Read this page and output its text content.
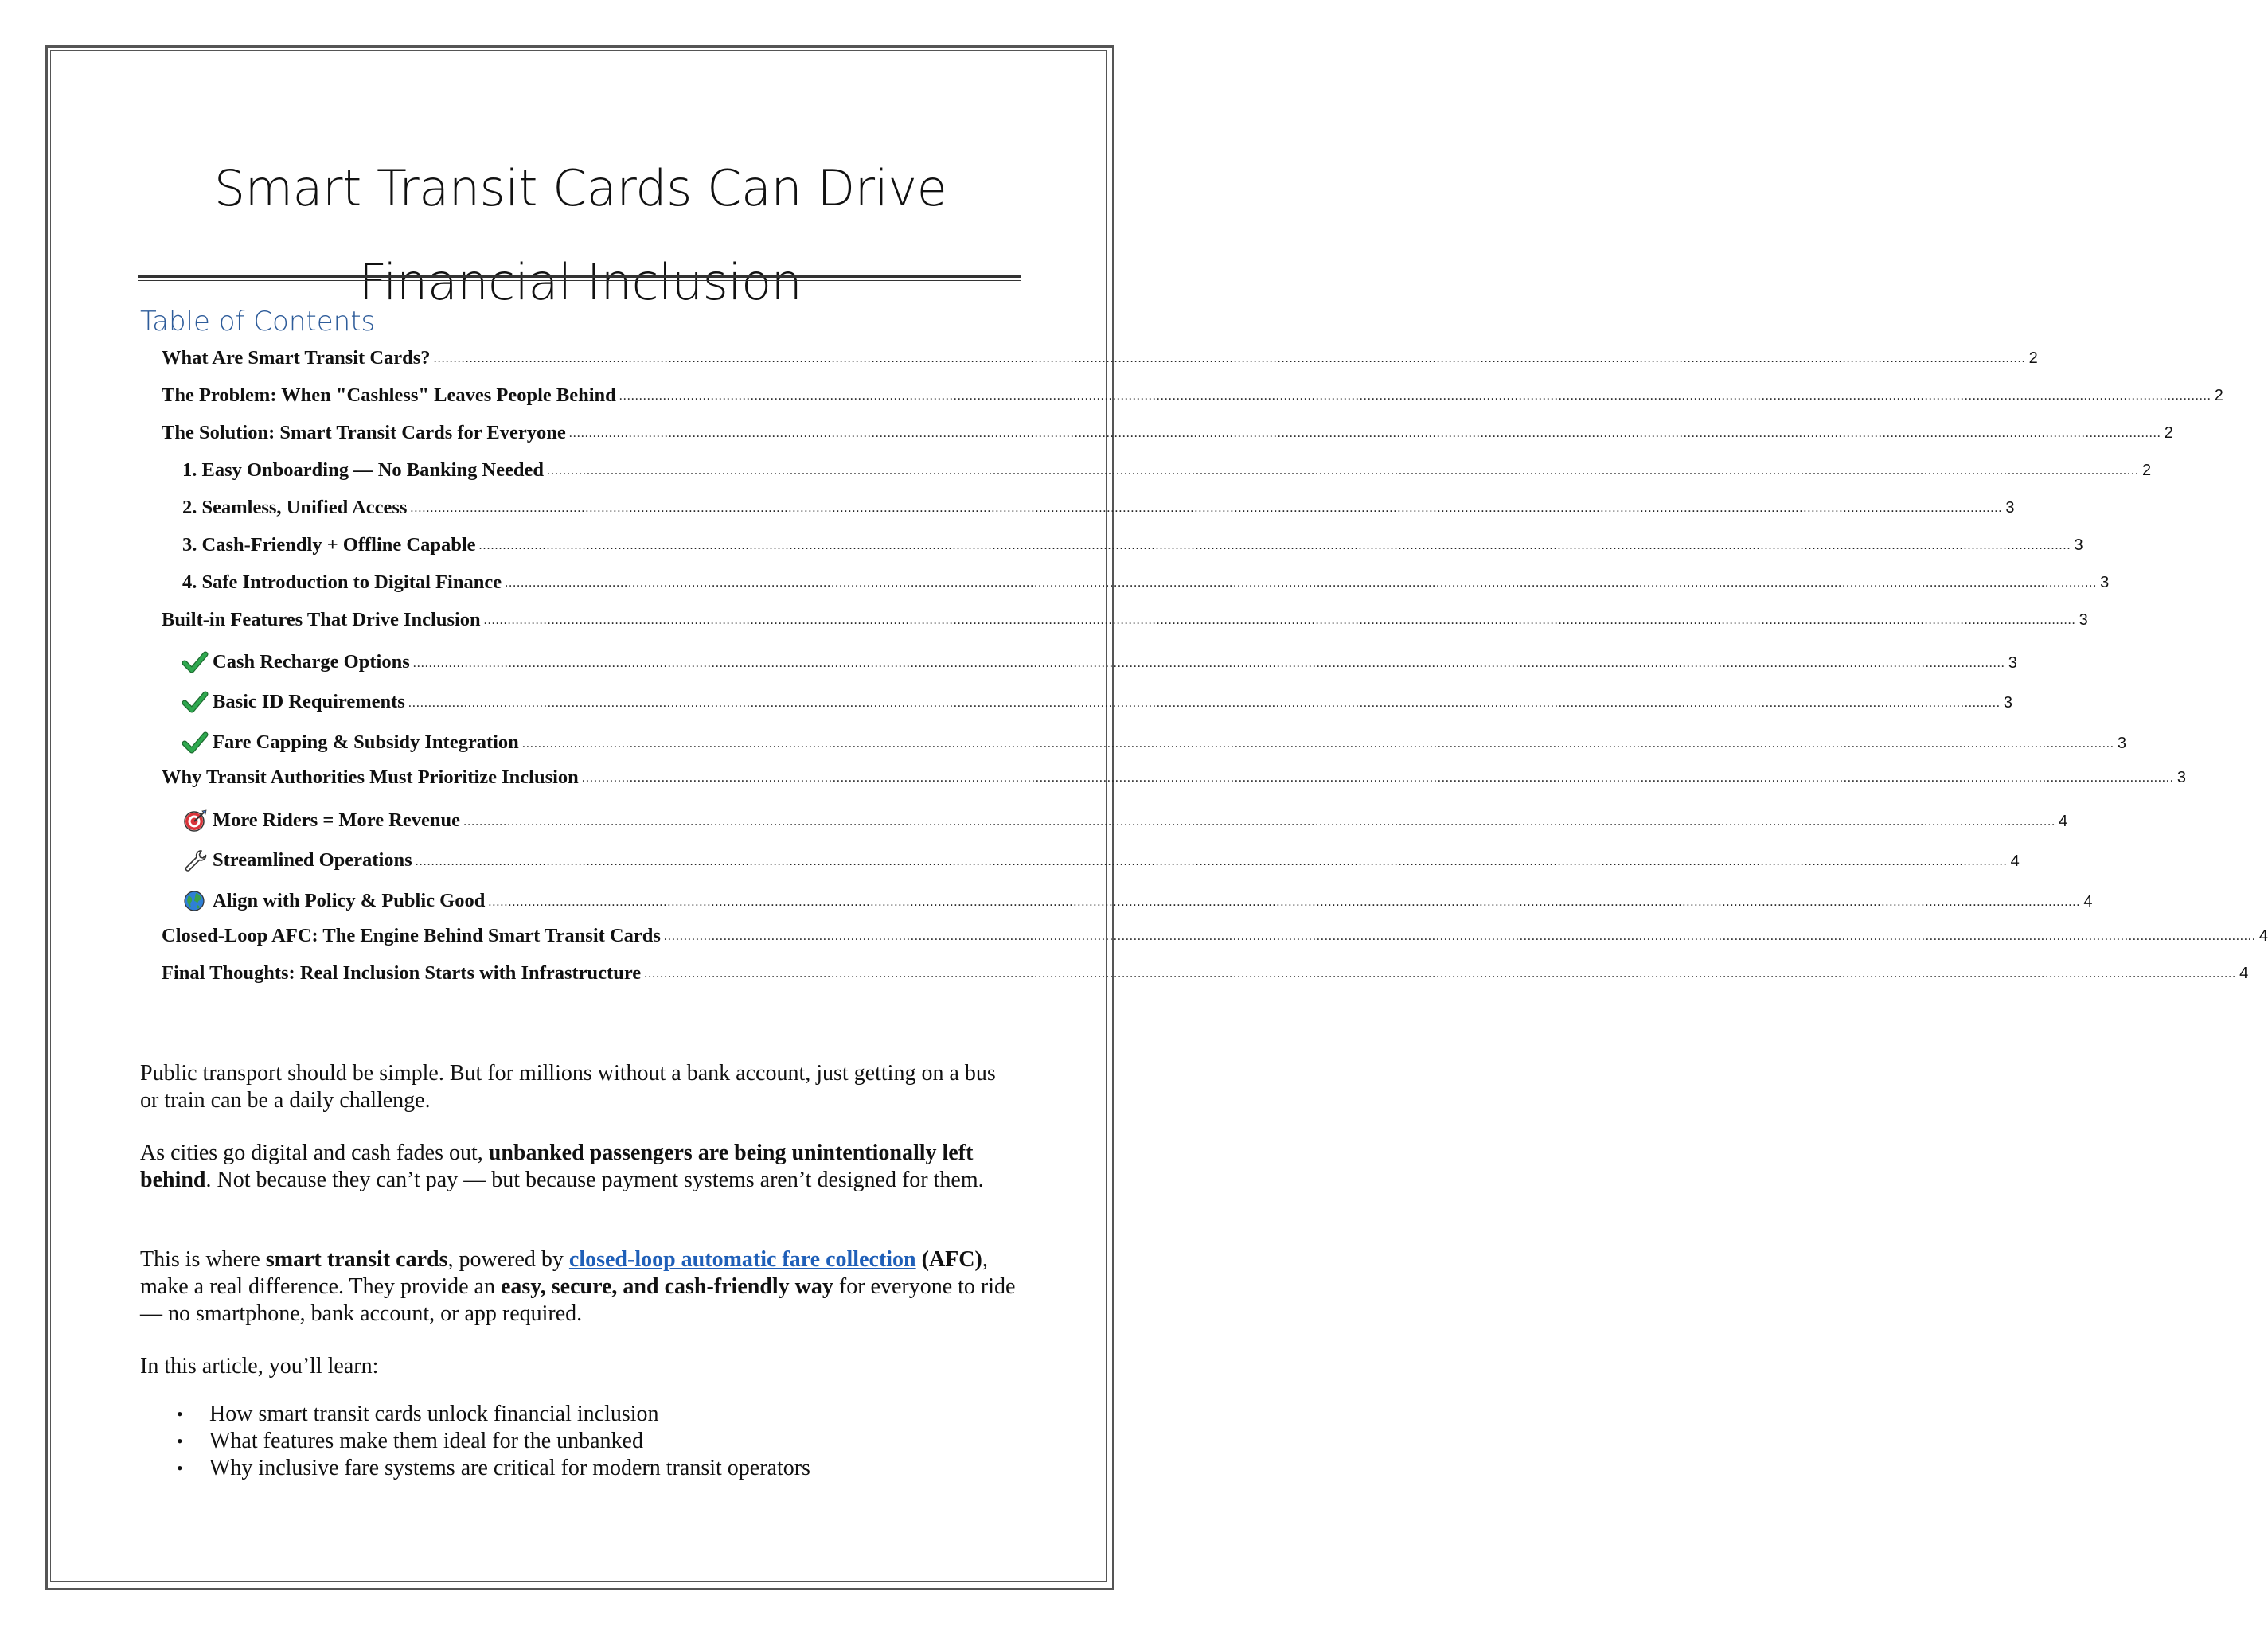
Smart Transit Cards Can Drive Financial Inclusion
Table of Contents
What Are Smart Transit Cards? ................................................................................................................................................................................................................................................................................................................................................................................................................ 2
The Problem: When "Cashless" Leaves People Behind ................................................................................................................................................................................................................................................................................................................................................................................................................ 2
The Solution: Smart Transit Cards for Everyone ................................................................................................................................................................................................................................................................................................................................................................................................................ 2
1. Easy Onboarding — No Banking Needed ................................................................................................................................................................................................................................................................................................................................................................................................................ 2
2. Seamless, Unified Access ................................................................................................................................................................................................................................................................................................................................................................................................................ 3
3. Cash-Friendly + Offline Capable ................................................................................................................................................................................................................................................................................................................................................................................................................ 3
4. Safe Introduction to Digital Finance ................................................................................................................................................................................................................................................................................................................................................................................................................ 3
Built-in Features That Drive Inclusion ................................................................................................................................................................................................................................................................................................................................................................................................................ 3
Cash Recharge Options ................................................................................................................................................................................................................................................................................................................................................................................................................ 3
Basic ID Requirements ................................................................................................................................................................................................................................................................................................................................................................................................................ 3
Fare Capping & Subsidy Integration ................................................................................................................................................................................................................................................................................................................................................................................................................ 3
Why Transit Authorities Must Prioritize Inclusion ................................................................................................................................................................................................................................................................................................................................................................................................................ 3
More Riders = More Revenue ................................................................................................................................................................................................................................................................................................................................................................................................................ 4
Streamlined Operations ................................................................................................................................................................................................................................................................................................................................................................................................................ 4
Align with Policy & Public Good ................................................................................................................................................................................................................................................................................................................................................................................................................ 4
Closed-Loop AFC: The Engine Behind Smart Transit Cards ................................................................................................................................................................................................................................................................................................................................................................................................................ 4
Final Thoughts: Real Inclusion Starts with Infrastructure ................................................................................................................................................................................................................................................................................................................................................................................................................ 4
Public transport should be simple. But for millions without a bank account, just getting on a bus or train can be a daily challenge.
As cities go digital and cash fades out, unbanked passengers are being unintentionally left behind. Not because they can’t pay — but because payment systems aren’t designed for them.
This is where smart transit cards, powered by closed-loop automatic fare collection (AFC), make a real difference. They provide an easy, secure, and cash-friendly way for everyone to ride — no smartphone, bank account, or app required.
In this article, you’ll learn:
• How smart transit cards unlock financial inclusion
• What features make them ideal for the unbanked
• Why inclusive fare systems are critical for modern transit operators
